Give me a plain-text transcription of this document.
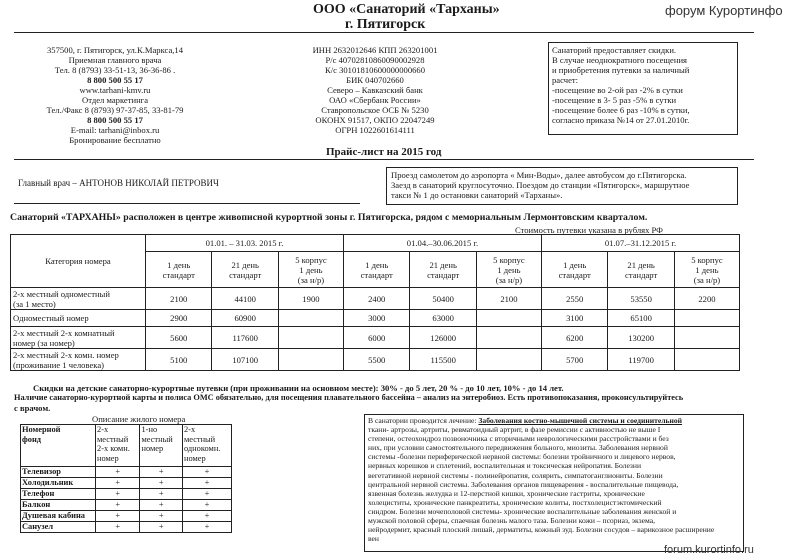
ООО «Санаторий «Тарханы»
г. Пятигорск
форум Курортинфо
357500, г. Пятигорск, ул.К.Маркса,14
Приемная главного врача
Тел. 8 (8793) 33-51-13, 36-36-86 .
8 800 500 55 17
www.tarhani-kmv.ru
Отдел маркетинга
Тел./Факс 8 (8793) 97-37-85, 33-81-79
8 800 500 55 17
E-mail: tarhani@inbox.ru
Бронирование бесплатно
ИНН 2632012646 КПП 263201001
Р/с 40702810860090002928
К/с 30101810600000000660
БИК 040702660
Северо – Кавказский банк
ОАО «Сбербанк России»
Ставропольское ОСБ № 5230
ОКОНХ 91517, ОКПО 22047249
ОГРН 1022601614111
Санаторий предоставляет скидки.
В случае неоднократного посещения
и приобретения путевки за наличный
расчет:
-посещение во 2-ой раз -2% в сутки
-посещение в 3- 5 раз -5% в сутки
-посещение более 6 раз -10% в сутки,
согласно приказа №14 от 27.01.2010г.
Прайс-лист на 2015 год
Главный врач – АНТОНОВ НИКОЛАЙ ПЕТРОВИЧ
Проезд самолетом до аэропорта « Мин-Воды», далее автобусом до г.Пятигорска.
Заезд в санаторий круглосуточно. Поездом до станции «Пятигорск», маршрутное
такси № 1 до остановки санаторий «Тарханы».
Санаторий «ТАРХАНЫ» расположен в центре живописной курортной зоны г. Пятигорска, рядом с мемориальным Лермонтовским кварталом.
Стоимость путевки указана в рублях РФ
Категория номера	01.01. – 31.03. 2015 г.			01.04.–30.06.2015 г.			01.07.–31.12.2015 г.		

	1 день
стандарт	21 день
стандарт	5 корпус
1 день
(за н/р)	1 день
стандарт	21 день
стандарт	5 корпус
1 день
(за н/р)	1 день
стандарт	21 день
стандарт	5 корпус
1 день
(за н/р)

2-х местный одноместный
(за 1 место)	2100	44100	1900	2400	50400	2100	2550	53550	2200

Одноместный номер	2900	60900		3000	63000		3100	65100	

2-х местный 2-х комнатный
номер (за номер)	5600	117600		6000	126000		6200	130200	

2-х местный 2-х комн. номер
(проживание 1 человека)	5100	107100		5500	115500		5700	119700	
Скидки на детские санаторно-курортные путевки (при проживании на основном месте): 30% - до 5 лет, 20 % - до 10 лет, 10% - до 14 лет.
Наличие санаторно-курортной карты и полиса ОМС обязательно, для посещения плавательного бассейна – анализ на энтеробиоз. Есть противопоказания, проконсультируйтесь
с врачом.
Описание жилого номера
Номерной
фонд	2-х
местный
2-х комн.
номер	1-но
местный
номер	2-х
местный
однокомн.
номер

Телевизор	+	+	+
Холодильник	+	+	+
Телефон	+	+	+
Балкон	+	+	+
Душевая кабина	+	+	+
Санузел	+	+	+
В санатории проводится лечение: Заболевания костно-мышечной системы и соединительной
ткани- артрозы, артриты, ревматоидный артрит, в фазе ремиссии с активностью не выше I
степени, остеохондроз позвоночника с вторичными неврологическими расстройствами и без
них, при условии самостоятельного передвижения больного, миозиты. Заболевания нервной
системы -болезни периферической нервной системы: болезни тройничного и лицевого нервов,
нервных корешков и сплетений, воспалительная и токсическая нейропатия. Болезни
вегетативной нервной системы - полинейропатия, солярить, симпатоганглиониты. Болезни
центральной нервной системы. Заболевания органов пищеварения - воспалительные пищевода,
язвенная болезнь желудка и 12-перстной кишки, хронические гастриты, хронические
холециститы, хронические панкреатиты, хронические колиты, постхолецистэктомический
синдром. Болезни мочеполовой системы- хронические воспалительные заболевания женской и
мужской половой сферы, спаечная болезнь малого таза. Болезни кожи – псориаз, экзема,
нейродермит, красный плоский лишай, дерматиты, кожный зуд. Болезни сосудов – варикозное расширение
вен
forum.kurortinfo.ru
